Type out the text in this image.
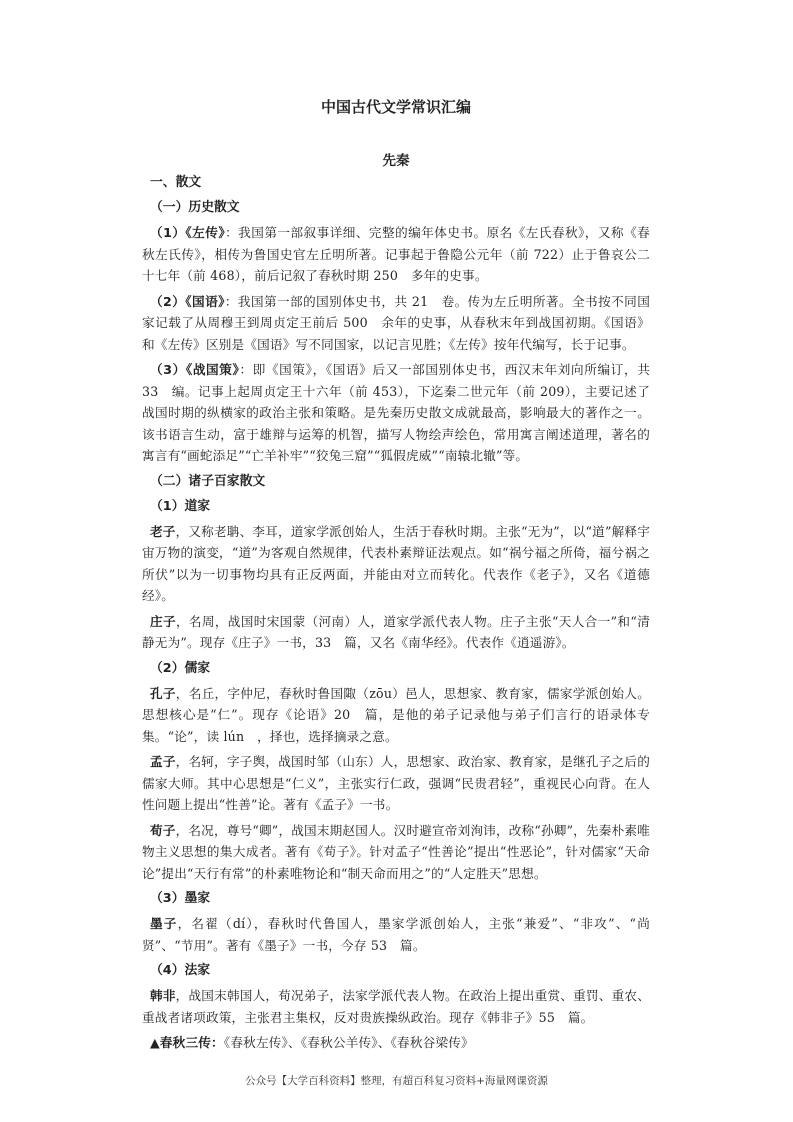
中国古代文学常识汇编
先秦
一、散文
（一）历史散文

（1）《左传》：我国第一部叙事详细、完整的编年体史书。原名《左氏春秋》，又称《春秋左氏传》，相传为鲁国史官左丘明所著。记事起于鲁隐公元年（前 722）止于鲁哀公二十七年（前 468），前后记叙了春秋时期 250　多年的史事。

（2）《国语》：我国第一部的国别体史书，共 21　卷。传为左丘明所著。全书按不同国家记载了从周穆王到周贞定王前后 500　余年的史事，从春秋末年到战国初期。《国语》和《左传》区别是《国语》写不同国家，以记言见胜；《左传》按年代编写，长于记事。

（3）《战国策》：即《国策》，《国语》后又一部国别体史书，西汉末年刘向所编订，共 33　编。记事上起周贞定王十六年（前 453），下迄秦二世元年（前 209），主要记述了战国时期的纵横家的政治主张和策略。是先秦历史散文成就最高，影响最大的著作之一。该书语言生动，富于雄辩与运筹的机智，描写人物绘声绘色，常用寓言阐述道理，著名的寓言有“画蛇添足”“亡羊补牢”“狡兔三窟”“狐假虎威”“南辕北辙”等。

（二）诸子百家散文
（1）道家

老子，又称老聃、李耳，道家学派创始人，生活于春秋时期。主张“无为”，以“道”解释宇宙万物的演变，“道”为客观自然规律，代表朴素辩证法观点。如“祸兮福之所倚，福兮祸之所伏”以为一切事物均具有正反两面，并能由对立而转化。代表作《老子》，又名《道德经》。

庄子，名周，战国时宋国蒙（河南）人，道家学派代表人物。庄子主张“天人合一”和“清静无为”。现存《庄子》一书，33　篇，又名《南华经》。代表作《逍遥游》。

（2）儒家

孔子，名丘，字仲尼，春秋时鲁国陬（zōu）邑人，思想家、教育家，儒家学派创始人。思想核心是“仁”。现存《论语》20　篇，是他的弟子记录他与弟子们言行的语录体专集。“论”，读 lún　，择也，选择摘录之意。

孟子，名轲，字子舆，战国时邹（山东）人，思想家、政治家、教育家，是继孔子之后的儒家大师。其中心思想是“仁义”，主张实行仁政，强调“民贵君轻”，重视民心向背。在人性问题上提出“性善”论。著有《孟子》一书。

荀子，名况，尊号“卿”，战国末期赵国人。汉时避宣帝刘洵讳，改称“孙卿”，先秦朴素唯物主义思想的集大成者。著有《荀子》。针对孟子“性善论”提出“性恶论”，针对儒家“天命论”提出“天行有常”的朴素唯物论和“制天命而用之”的“人定胜天”思想。

（3）墨家

墨子，名翟（dí），春秋时代鲁国人，墨家学派创始人，主张“兼爱”、“非攻”、“尚贤”、“节用”。著有《墨子》一书，今存 53　篇。

（4）法家

韩非，战国末韩国人，荀况弟子，法家学派代表人物。在政治上提出重赏、重罚、重农、重战者诸项政策，主张君主集权，反对贵族操纵政治。现存《韩非子》55　篇。

▲春秋三传：《春秋左传》、《春秋公羊传》、《春秋谷梁传》

公众号【大学百科资料】整理，有超百科复习资料+海量网课资源
